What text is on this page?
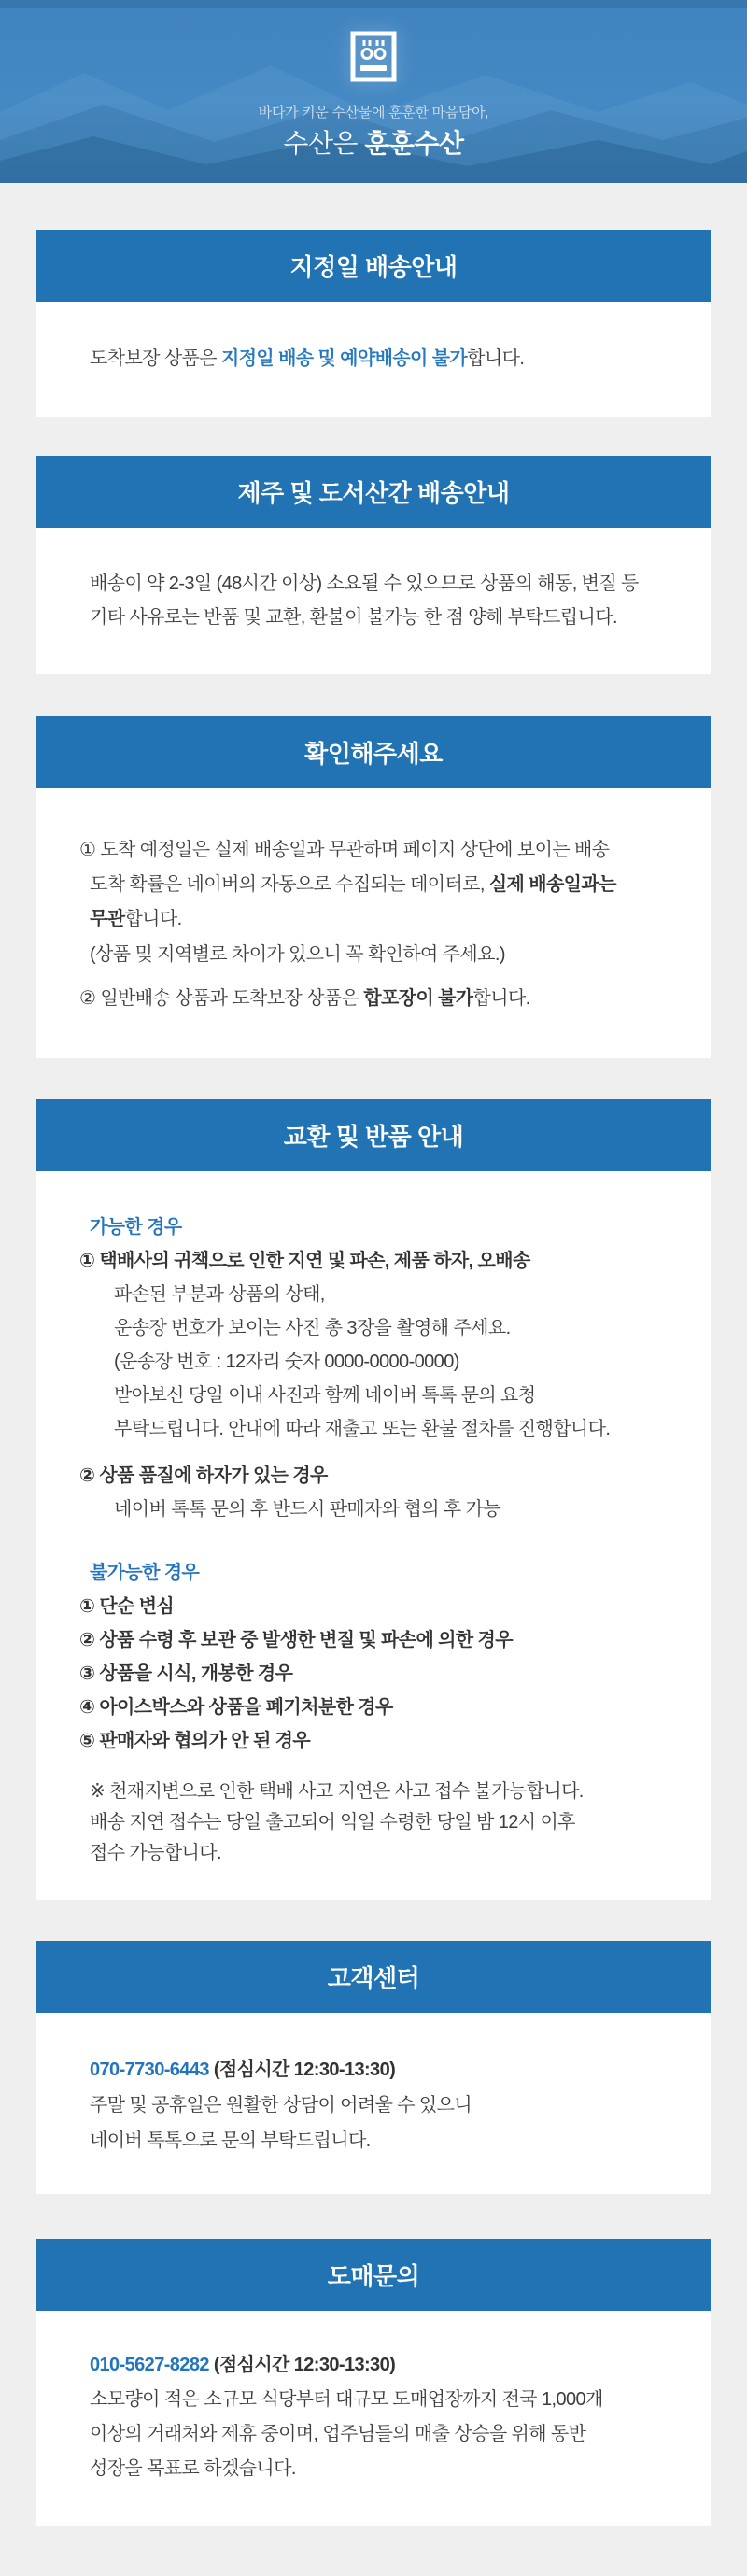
바다가 키운 수산물에 훈훈한 마음담아,
수산은 훈훈수산
지정일 배송안내

도착보장 상품은 지정일 배송 및 예약배송이 불가합니다.

제주 및 도서산간 배송안내

배송이 약 2-3일 (48시간 이상) 소요될 수 있으므로 상품의 해동, 변질 등

기타 사유로는 반품 및 교환, 환불이 불가능 한 점 양해 부탁드립니다.

확인해주세요

① 도착 예정일은 실제 배송일과 무관하며 페이지 상단에 보이는 배송

도착 확률은 네이버의 자동으로 수집되는 데이터로, 실제 배송일과는

무관합니다.

(상품 및 지역별로 차이가 있으니 꼭 확인하여 주세요.)

② 일반배송 상품과 도착보장 상품은 합포장이 불가합니다.

교환 및 반품 안내

가능한 경우

① 택배사의 귀책으로 인한 지연 및 파손, 제품 하자, 오배송

파손된 부분과 상품의 상태,

운송장 번호가 보이는 사진 총 3장을 촬영해 주세요.

(운송장 번호 : 12자리 숫자 0000-0000-0000)

받아보신 당일 이내 사진과 함께 네이버 톡톡 문의 요청

부탁드립니다. 안내에 따라 재출고 또는 환불 절차를 진행합니다.

② 상품 품질에 하자가 있는 경우

네이버 톡톡 문의 후 반드시 판매자와 협의 후 가능

불가능한 경우

① 단순 변심

② 상품 수령 후 보관 중 발생한 변질 및 파손에 의한 경우

③ 상품을 시식, 개봉한 경우

④ 아이스박스와 상품을 폐기처분한 경우

⑤ 판매자와 협의가 안 된 경우

※ 천재지변으로 인한 택배 사고 지연은 사고 접수 불가능합니다.

배송 지연 접수는 당일 출고되어 익일 수령한 당일 밤 12시 이후

접수 가능합니다.

고객센터

070-7730-6443 (점심시간 12:30-13:30)

주말 및 공휴일은 원활한 상담이 어려울 수 있으니

네이버 톡톡으로 문의 부탁드립니다.

도매문의

010-5627-8282 (점심시간 12:30-13:30)

소모량이 적은 소규모 식당부터 대규모 도매업장까지 전국 1,000개

이상의 거래처와 제휴 중이며, 업주님들의 매출 상승을 위해 동반

성장을 목표로 하겠습니다.
